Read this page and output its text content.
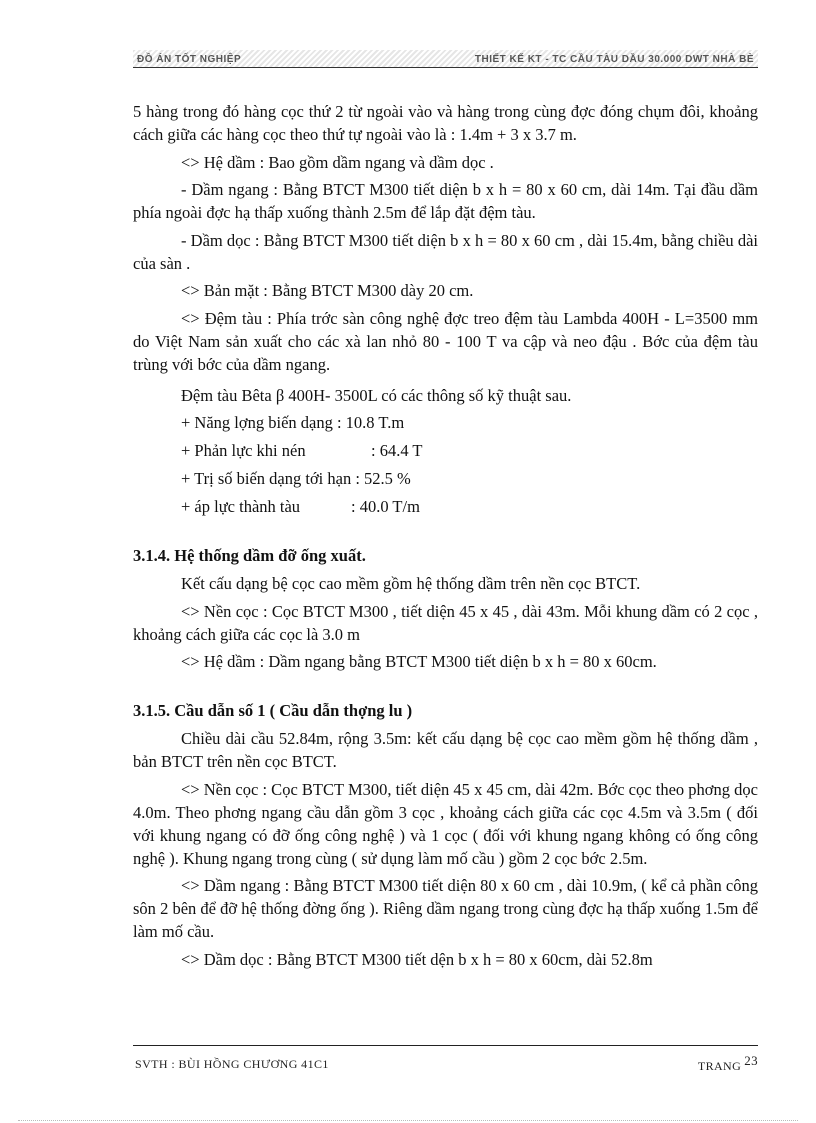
ĐỒ ÁN TỐT NGHIỆP	THIẾT KẾ KT - TC CẦU TÀU DẦU 30.000 DWT NHÀ BÈ

5 hàng trong đó hàng cọc thứ 2 từ ngoài vào và hàng trong cùng đợc đóng chụm đôi, khoảng cách giữa các hàng cọc theo thứ tự ngoài vào là : 1.4m + 3 x 3.7 m.

<> Hệ dầm : Bao gồm dầm ngang và dầm dọc .

- Dầm ngang : Bằng BTCT M300 tiết diện b x h = 80 x 60 cm, dài 14m. Tại đầu dầm phía ngoài đợc hạ thấp xuống thành 2.5m để lắp đặt đệm tàu.

- Dầm dọc : Bằng BTCT M300 tiết diện b x h = 80 x 60 cm , dài 15.4m, bằng chiều dài của sàn .

<> Bản mặt : Bằng BTCT M300 dày 20 cm.

<> Đệm tàu : Phía trớc sàn công nghệ đợc treo đệm tàu Lambda 400H - L=3500 mm do Việt Nam sản xuất cho các xà lan nhỏ 80 - 100 T va cập và neo đậu . Bớc của đệm tàu trùng với bớc của dầm ngang.

Đệm tàu Bêta β 400H- 3500L có các thông số kỹ thuật sau.

+ Năng lợng biến dạng : 10.8 T.m
+ Phản lực khi nén	: 64.4 T
+ Trị số biến dạng tới hạn : 52.5 %
+ áp lực thành tàu	: 40.0 T/m
3.1.4. Hệ thống dầm đỡ ống xuất.

Kết cấu dạng bệ cọc cao mềm gồm hệ thống dầm trên nền cọc BTCT.

<> Nền cọc : Cọc BTCT M300 , tiết diện 45 x 45 , dài 43m. Mỗi khung dầm có 2 cọc , khoảng cách giữa các cọc là 3.0 m

<> Hệ dầm : Dầm ngang bằng BTCT M300 tiết diện b x h = 80 x 60cm.

3.1.5. Cầu dẫn số 1 ( Cầu dẫn thợng lu )

Chiều dài cầu 52.84m, rộng 3.5m: kết cấu dạng bệ cọc cao mềm gồm hệ thống dầm , bản BTCT trên nền cọc BTCT.

<> Nền cọc : Cọc BTCT M300, tiết diện 45 x 45 cm, dài 42m. Bớc cọc theo phơng dọc 4.0m. Theo phơng ngang cầu dẫn gồm 3 cọc , khoảng cách giữa các cọc 4.5m và 3.5m ( đối với khung ngang có đỡ ống công nghệ ) và 1 cọc ( đối với khung ngang không có ống công nghệ ). Khung ngang trong cùng ( sử dụng làm mố cầu ) gồm 2 cọc bớc 2.5m.

<> Dầm ngang : Bằng BTCT M300 tiết diện 80 x 60 cm , dài 10.9m, ( kể cả phần công sôn 2 bên để đỡ hệ thống đờng ống ). Riêng dầm ngang trong cùng đợc hạ thấp xuống 1.5m để làm mố cầu.

<> Dầm dọc : Bằng BTCT M300 tiết dện b x h = 80 x 60cm, dài 52.8m

SVTH : BÙI HỒNG CHƯƠNG 41C1	TRANG $^{23}$
